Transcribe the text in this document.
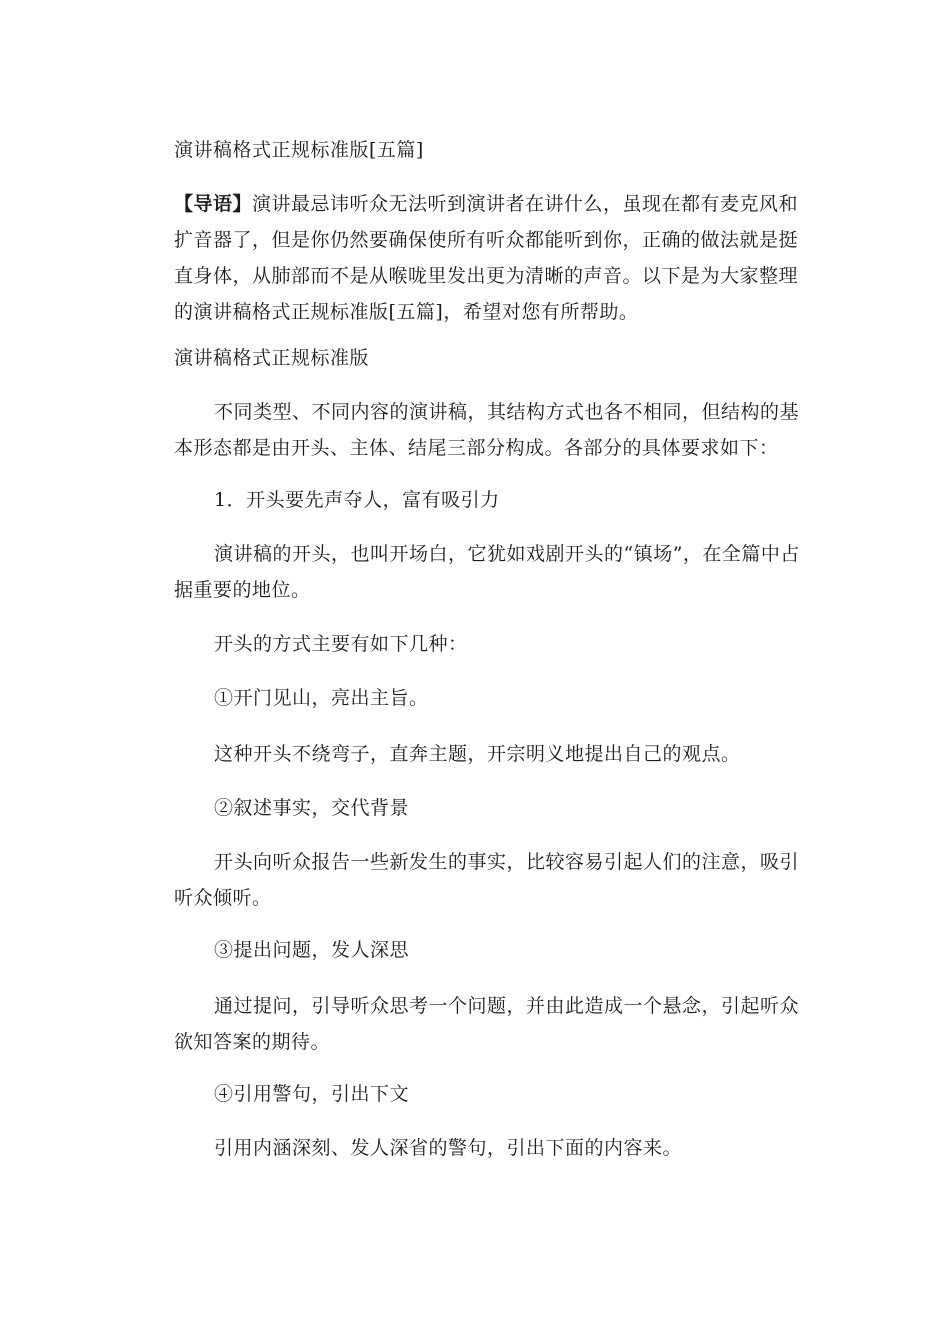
演讲稿格式正规标准版[五篇]

【导语】演讲最忌讳听众无法听到演讲者在讲什么，虽现在都有麦克风和扩音器了，但是你仍然要确保使所有听众都能听到你，正确的做法就是挺直身体，从肺部而不是从喉咙里发出更为清晰的声音。以下是为大家整理的演讲稿格式正规标准版[五篇]，希望对您有所帮助。

演讲稿格式正规标准版

不同类型、不同内容的演讲稿，其结构方式也各不相同，但结构的基本形态都是由开头、主体、结尾三部分构成。各部分的具体要求如下：

1．开头要先声夺人，富有吸引力

演讲稿的开头，也叫开场白，它犹如戏剧开头的“镇场”，在全篇中占据重要的地位。

开头的方式主要有如下几种：

①开门见山，亮出主旨。

这种开头不绕弯子，直奔主题，开宗明义地提出自己的观点。

②叙述事实，交代背景

开头向听众报告一些新发生的事实，比较容易引起人们的注意，吸引听众倾听。

③提出问题，发人深思

通过提问，引导听众思考一个问题，并由此造成一个悬念，引起听众欲知答案的期待。

④引用警句，引出下文

引用内涵深刻、发人深省的警句，引出下面的内容来。
